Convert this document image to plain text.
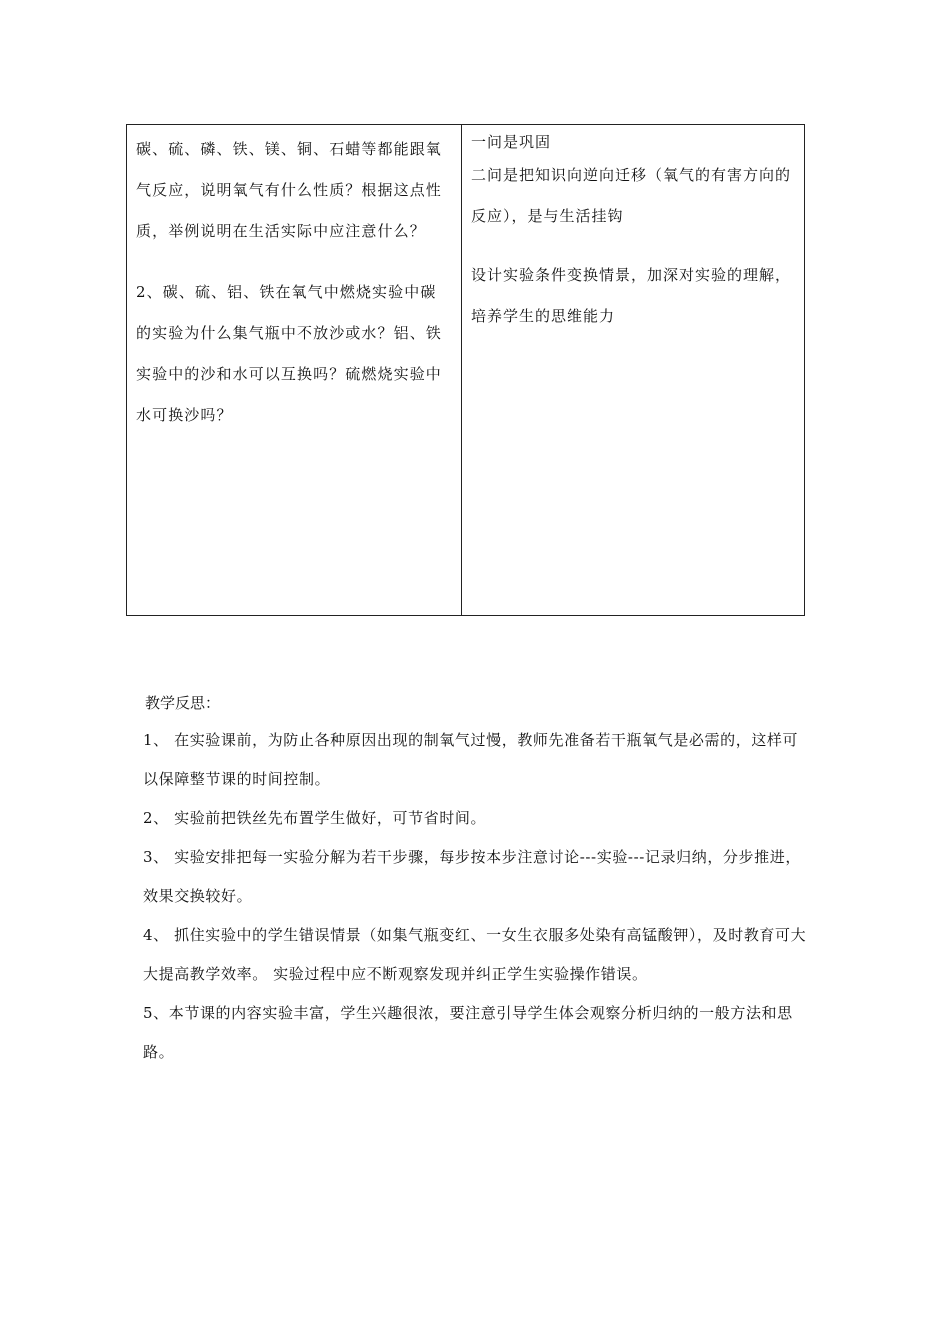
碳、硫、磷、铁、镁、铜、石蜡等都能跟氧气反应，说明氧气有什么性质？根据这点性质，举例说明在生活实际中应注意什么？

2、碳、硫、铝、铁在氧气中燃烧实验中碳的实验为什么集气瓶中不放沙或水？铝、铁实验中的沙和水可以互换吗？硫燃烧实验中水可换沙吗？

一问是巩固

二问是把知识向逆向迁移（氧气的有害方向的反应），是与生活挂钩

设计实验条件变换情景，加深对实验的理解，培养学生的思维能力

教学反思：

1、 在实验课前，为防止各种原因出现的制氧气过慢，教师先准备若干瓶氧气是必需的，这样可以保障整节课的时间控制。

2、 实验前把铁丝先布置学生做好，可节省时间。

3、 实验安排把每一实验分解为若干步骤，每步按本步注意讨论---实验---记录归纳，分步推进，效果交换较好。

4、 抓住实验中的学生错误情景（如集气瓶变红、一女生衣服多处染有高锰酸钾），及时教育可大大提高教学效率。 实验过程中应不断观察发现并纠正学生实验操作错误。

5、本节课的内容实验丰富，学生兴趣很浓，要注意引导学生体会观察分析归纳的一般方法和思路。
